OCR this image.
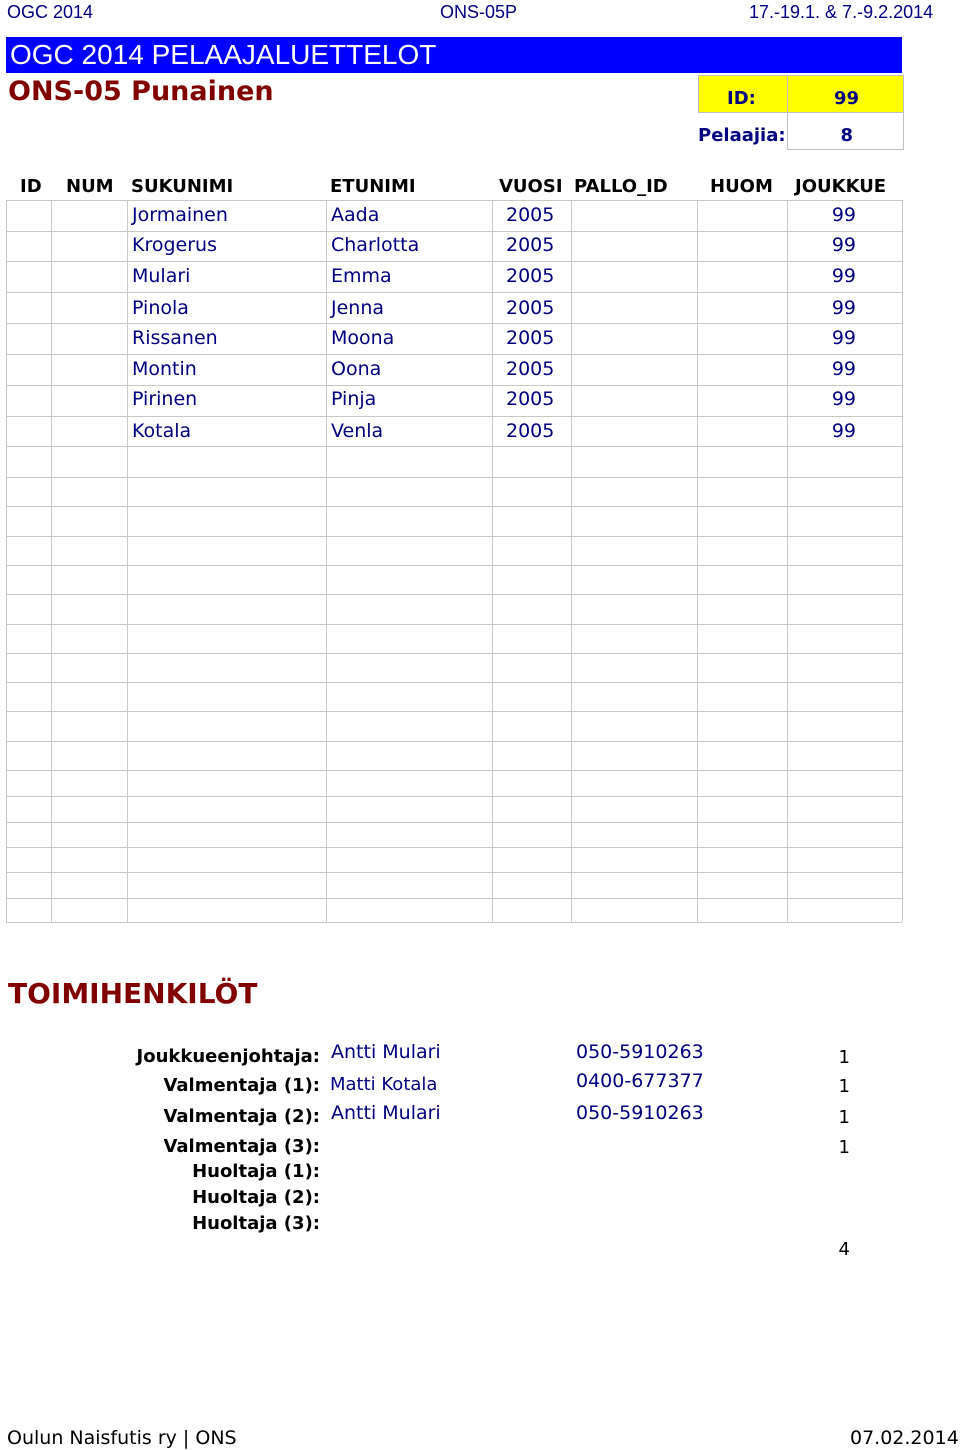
OGC 2014	ONS-05P	17.-19.1. & 7.-9.2.2014
OGC 2014 PELAAJALUETTELOT
ONS-05 Punainen	ID:	99
Pelaajia:	8
ID NUM SUKUNIMI	ETUNIMI	VUOSI PALLO_ID HUOM JOUKKUE
Jormainen	Aada	2005	99
Krogerus	Charlotta	2005	99
Mulari	Emma	2005	99
Pinola	Jenna	2005	99
Rissanen	Moona	2005	99
Montin	Oona	2005	99
Pirinen	Pinja	2005	99
Kotala	Venla	2005	99
TOIMIHENKILÖT
Joukkueenjohtaja: Antti Mulari	050-5910263	1
Valmentaja (1): Matti Kotala	0400-677377	1
Valmentaja (2): Antti Mulari	050-5910263	1
Valmentaja (3):	1
Huoltaja (1):
Huoltaja (2):
Huoltaja (3):
4
Oulun Naisfutis ry | ONS	07.02.2014
